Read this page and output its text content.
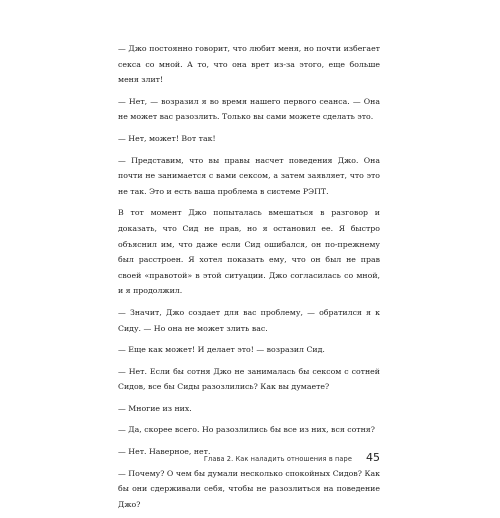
— Джо постоянно говорит, что любит меня, но почти избегает секса со мной. А то, что она врет из-за этого, еще больше меня злит!

— Нет, — возразил я во время нашего первого сеанса. — Она не может вас разозлить. Только вы сами можете сделать это.

— Нет, может! Вот так!

— Представим, что вы правы насчет поведения Джо. Она почти не занимается с вами сексом, а затем заявляет, что это не так. Это и есть ваша проблема в системе РЭПТ.

В тот момент Джо попыталась вмешаться в разговор и доказать, что Сид не прав, но я остановил ее. Я быстро объяснил им, что даже если Сид ошибался, он по-прежнему был расстроен. Я хотел показать ему, что он был не прав своей «правотой» в этой ситуации. Джо согласилась со мной, и я продолжил.

— Значит, Джо создает для вас проблему, — обратился я к Сиду. — Но она не может злить вас.

— Еще как может! И делает это! — возразил Сид.

— Нет. Если бы сотня Джо не занималась бы сексом с сотней Сидов, все бы Сиды разозлились? Как вы думаете?

— Многие из них.

— Да, скорее всего. Но разозлились бы все из них, вся сотня?

— Нет. Наверное, нет.

— Почему? О чем бы думали несколько спокойных Сидов? Как бы они сдерживали себя, чтобы не разозлиться на поведение Джо?

Глава 2. Как наладить отношения в паре 45
